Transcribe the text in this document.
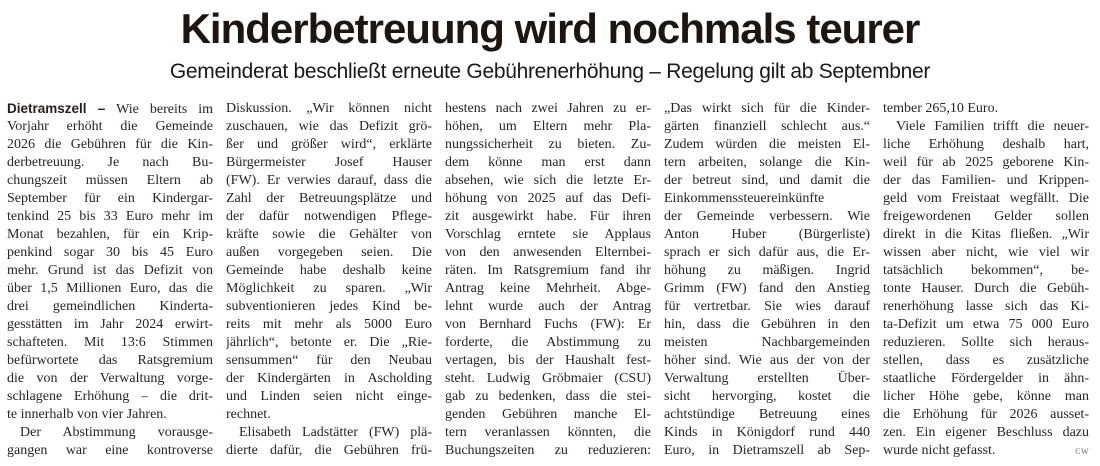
Kinderbetreuung wird nochmals teurer
Gemeinderat beschließt erneute Gebührenerhöhung – Regelung gilt ab Septembner
Dietramszell – Wie bereits im
Vorjahr erhöht die Gemeinde
2026 die Gebühren für die Kin-
derbetreuung. Je nach Bu-
chungszeit müssen Eltern ab
September für ein Kindergar-
tenkind 25 bis 33 Euro mehr im
Monat bezahlen, für ein Krip-
penkind sogar 30 bis 45 Euro
mehr. Grund ist das Defizit von
über 1,5 Millionen Euro, das die
drei gemeindlichen Kinderta-
gesstätten im Jahr 2024 erwirt-
schafteten. Mit 13:6 Stimmen
befürwortete das Ratsgremium
die von der Verwaltung vorge-
schlagene Erhöhung – die drit-
te innerhalb von vier Jahren.
Der Abstimmung vorausge-
gangen war eine kontroverse
Diskussion. „Wir können nicht
zuschauen, wie das Defizit grö-
ßer und größer wird“, erklärte
Bürgermeister Josef Hauser
(FW). Er verwies darauf, dass die
Zahl der Betreuungsplätze und
der dafür notwendigen Pflege-
kräfte sowie die Gehälter von
außen vorgegeben seien. Die
Gemeinde habe deshalb keine
Möglichkeit zu sparen. „Wir
subventionieren jedes Kind be-
reits mit mehr als 5000 Euro
jährlich“, betonte er. Die „Rie-
sensummen“ für den Neubau
der Kindergärten in Ascholding
und Linden seien nicht einge-
rechnet.
Elisabeth Ladstätter (FW) plä-
dierte dafür, die Gebühren frü-
hestens nach zwei Jahren zu er-
höhen, um Eltern mehr Pla-
nungssicherheit zu bieten. Zu-
dem könne man erst dann
absehen, wie sich die letzte Er-
höhung von 2025 auf das Defi-
zit ausgewirkt habe. Für ihren
Vorschlag erntete sie Applaus
von den anwesenden Elternbei-
räten. Im Ratsgremium fand ihr
Antrag keine Mehrheit. Abge-
lehnt wurde auch der Antrag
von Bernhard Fuchs (FW): Er
forderte, die Abstimmung zu
vertagen, bis der Haushalt fest-
steht. Ludwig Gröbmaier (CSU)
gab zu bedenken, dass die stei-
genden Gebühren manche El-
tern veranlassen könnten, die
Buchungszeiten zu reduzieren:
„Das wirkt sich für die Kinder-
gärten finanziell schlecht aus.“
Zudem würden die meisten El-
tern arbeiten, solange die Kin-
der betreut sind, und damit die
Einkommenssteuereinkünfte
der Gemeinde verbessern. Wie
Anton Huber (Bürgerliste)
sprach er sich dafür aus, die Er-
höhung zu mäßigen. Ingrid
Grimm (FW) fand den Anstieg
für vertretbar. Sie wies darauf
hin, dass die Gebühren in den
meisten Nachbargemeinden
höher sind. Wie aus der von der
Verwaltung erstellten Über-
sicht hervorging, kostet die
achtstündige Betreuung eines
Kinds in Königdorf rund 440
Euro, in Dietramszell ab Sep-
tember 265,10 Euro.
Viele Familien trifft die neuer-
liche Erhöhung deshalb hart,
weil für ab 2025 geborene Kin-
der das Familien- und Krippen-
geld vom Freistaat wegfällt. Die
freigewordenen Gelder sollen
direkt in die Kitas fließen. „Wir
wissen aber nicht, wie viel wir
tatsächlich bekommen“, be-
tonte Hauser. Durch die Gebüh-
renerhöhung lasse sich das Ki-
ta-Defizit um etwa 75 000 Euro
reduzieren. Sollte sich heraus-
stellen, dass es zusätzliche
staatliche Fördergelder in ähn-
licher Höhe gebe, könne man
die Erhöhung für 2026 ausset-
zen. Ein eigener Beschluss dazu
cw
wurde nicht gefasst.
